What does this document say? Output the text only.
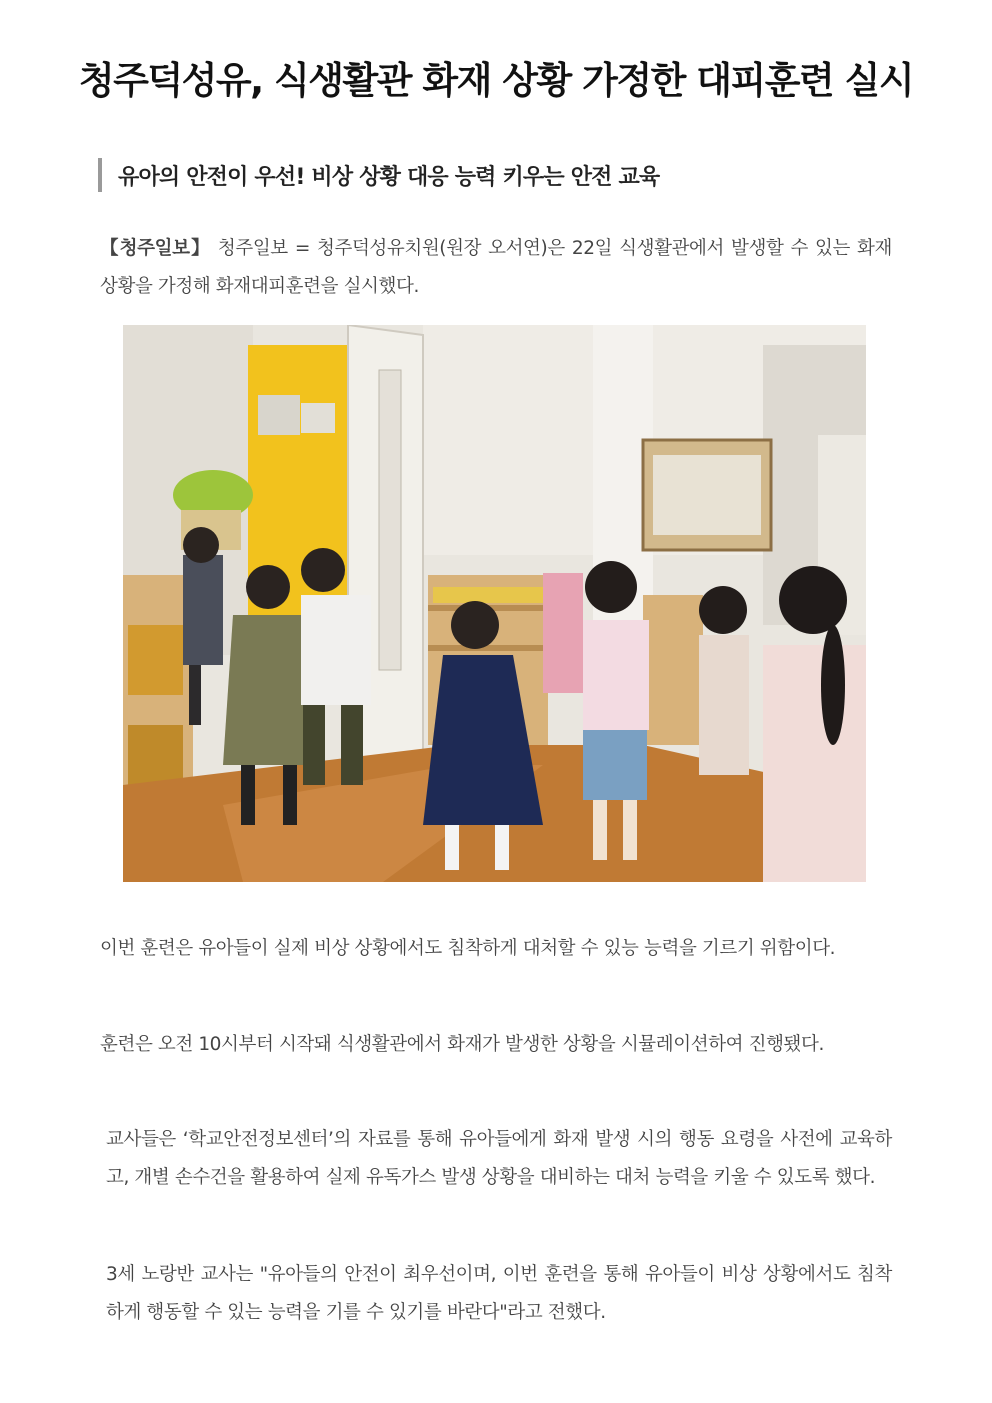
청주덕성유, 식생활관 화재 상황 가정한 대피훈련 실시
유아의 안전이 우선! 비상 상황 대응 능력 키우는 안전 교육

【청주일보】 청주일보 = 청주덕성유치원(원장 오서연)은 22일 식생활관에서 발생할 수 있는 화재 상황을 가정해 화재대피훈련을 실시했다.

이번 훈련은 유아들이 실제 비상 상황에서도 침착하게 대처할 수 있능 능력을 기르기 위함이다.

훈련은 오전 10시부터 시작돼 식생활관에서 화재가 발생한 상황을 시뮬레이션하여 진행됐다.

교사들은 ‘학교안전정보센터’의 자료를 통해 유아들에게 화재 발생 시의 행동 요령을 사전에 교육하고, 개별 손수건을 활용하여 실제 유독가스 발생 상황을 대비하는 대처 능력을 키울 수 있도록 했다.

3세 노랑반 교사는 "유아들의 안전이 최우선이며, 이번 훈련을 통해 유아들이 비상 상황에서도 침착하게 행동할 수 있는 능력을 기를 수 있기를 바란다"라고 전했다.
